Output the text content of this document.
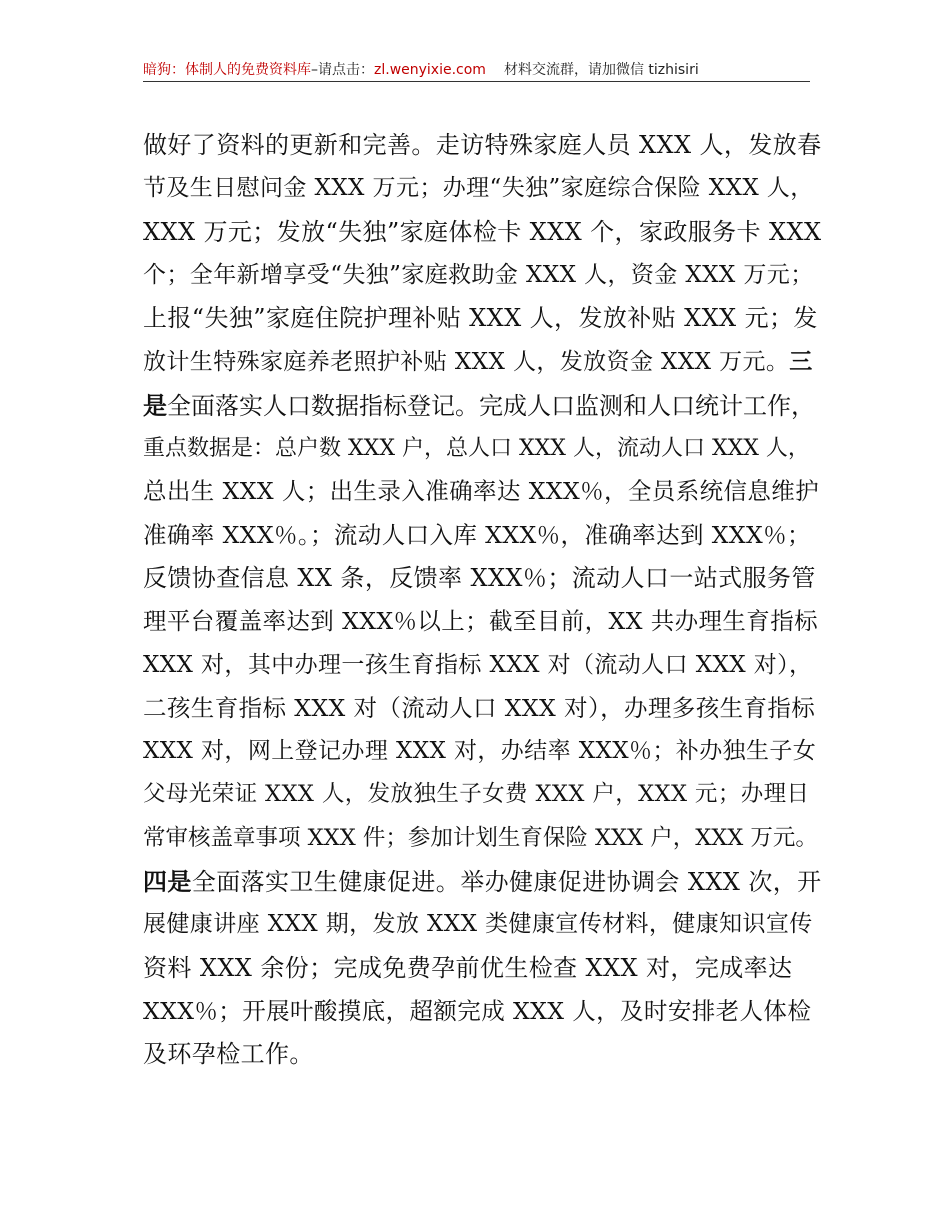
暗狗：体制人的免费资料库 –请点击： zl.wenyixie.com 材料交流群，请加微信 tizhisiri
做好了资料的更新和完善。走访特殊家庭人员 XXX 人，发放春
节及生日慰问金 XXX 万元；办理“失独”家庭综合保险 XXX 人，
XXX 万元；发放“失独”家庭体检卡 XXX 个，家政服务卡 XXX
个；全年新增享受“失独”家庭救助金 XXX 人，资金 XXX 万元；
上报“失独”家庭住院护理补贴 XXX 人，发放补贴 XXX 元；发
放计生特殊家庭养老照护补贴 XXX 人，发放资金 XXX 万元。三
是全面落实人口数据指标登记。完成人口监测和人口统计工作，
重点数据是：总户数 XXX 户，总人口 XXX 人，流动人口 XXX 人，
总出生 XXX 人；出生录入准确率达 XXX％，全员系统信息维护
准确率 XXX％。；流动人口入库 XXX％，准确率达到 XXX％；
反馈协查信息 XX 条，反馈率 XXX％；流动人口一站式服务管
理平台覆盖率达到 XXX％以上；截至目前，XX 共办理生育指标
XXX 对，其中办理一孩生育指标 XXX 对（流动人口 XXX 对），
二孩生育指标 XXX 对（流动人口 XXX 对），办理多孩生育指标
XXX 对，网上登记办理 XXX 对，办结率 XXX％；补办独生子女
父母光荣证 XXX 人，发放独生子女费 XXX 户，XXX 元；办理日
常审核盖章事项 XXX 件；参加计划生育保险 XXX 户，XXX 万元。
四是全面落实卫生健康促进。举办健康促进协调会 XXX 次，开
展健康讲座 XXX 期，发放 XXX 类健康宣传材料，健康知识宣传
资料 XXX 余份；完成免费孕前优生检查 XXX 对，完成率达
XXX％；开展叶酸摸底，超额完成 XXX 人，及时安排老人体检
及环孕检工作。
